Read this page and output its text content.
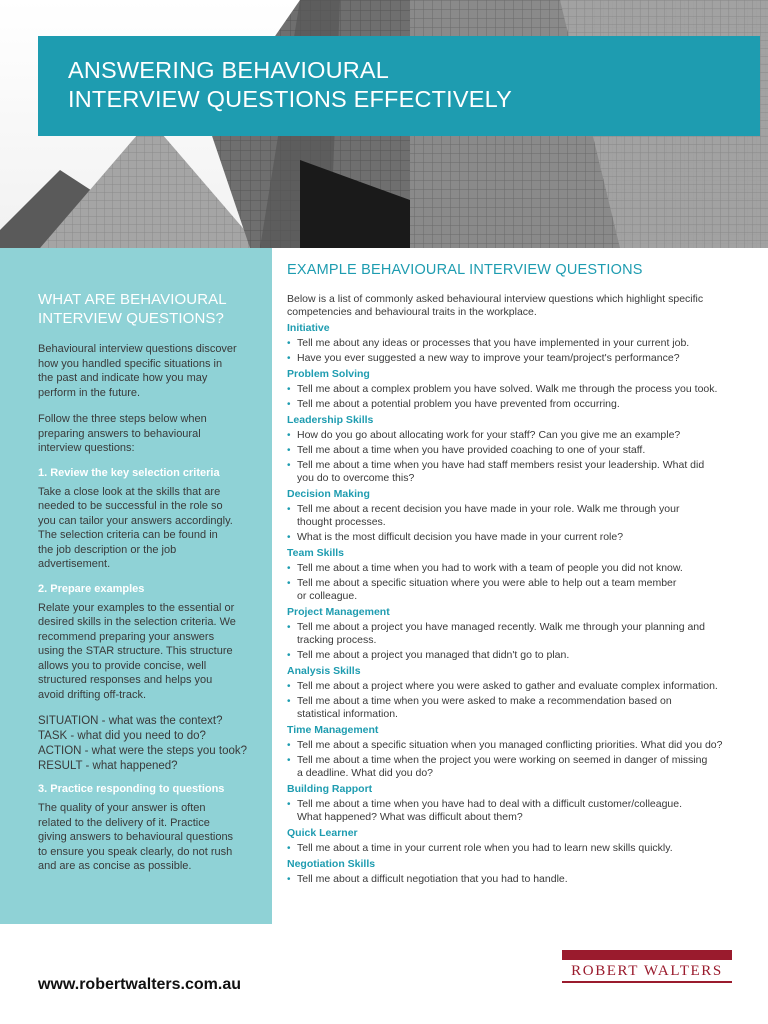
ANSWERING BEHAVIOURAL
INTERVIEW QUESTIONS EFFECTIVELY
WHAT ARE BEHAVIOURAL
INTERVIEW QUESTIONS?
Behavioural interview questions discover
how you handled specific situations in
the past and indicate how you may
perform in the future.
Follow the three steps below when
preparing answers to behavioural
interview questions:
1. Review the key selection criteria
Take a close look at the skills that are
needed to be successful in the role so
you can tailor your answers accordingly.
The selection criteria can be found in
the job description or the job
advertisement.
2. Prepare examples
Relate your examples to the essential or
desired skills in the selection criteria. We
recommend preparing your answers
using the STAR structure. This structure
allows you to provide concise, well
structured responses and helps you
avoid drifting off-track.
SITUATION - what was the context?
TASK - what did you need to do?
ACTION - what were the steps you took?
RESULT - what happened?
3. Practice responding to questions
The quality of your answer is often
related to the delivery of it. Practice
giving answers to behavioural questions
to ensure you speak clearly, do not rush
and are as concise as possible.
EXAMPLE BEHAVIOURAL INTERVIEW QUESTIONS
Below is a list of commonly asked behavioural interview questions which highlight specific
competencies and behavioural traits in the workplace.
Initiative
• Tell me about any ideas or processes that you have implemented in your current job.
• Have you ever suggested a new way to improve your team/project's performance?
Problem Solving
• Tell me about a complex problem you have solved. Walk me through the process you took.
• Tell me about a potential problem you have prevented from occurring.
Leadership Skills
• How do you go about allocating work for your staff? Can you give me an example?
• Tell me about a time when you have provided coaching to one of your staff.
• Tell me about a time when you have had staff members resist your leadership. What did
you do to overcome this?
Decision Making
• Tell me about a recent decision you have made in your role. Walk me through your
thought processes.
• What is the most difficult decision you have made in your current role?
Team Skills
• Tell me about a time when you had to work with a team of people you did not know.
• Tell me about a specific situation where you were able to help out a team member
or colleague.
Project Management
• Tell me about a project you have managed recently. Walk me through your planning and
tracking process.
• Tell me about a project you managed that didn't go to plan.
Analysis Skills
• Tell me about a project where you were asked to gather and evaluate complex information.
• Tell me about a time when you were asked to make a recommendation based on
statistical information.
Time Management
• Tell me about a specific situation when you managed conflicting priorities. What did you do?
• Tell me about a time when the project you were working on seemed in danger of missing
a deadline. What did you do?
Building Rapport
• Tell me about a time when you have had to deal with a difficult customer/colleague.
What happened? What was difficult about them?
Quick Learner
• Tell me about a time in your current role when you had to learn new skills quickly.
Negotiation Skills
• Tell me about a difficult negotiation that you had to handle.
www.robertwalters.com.au
ROBERT WALTERS
